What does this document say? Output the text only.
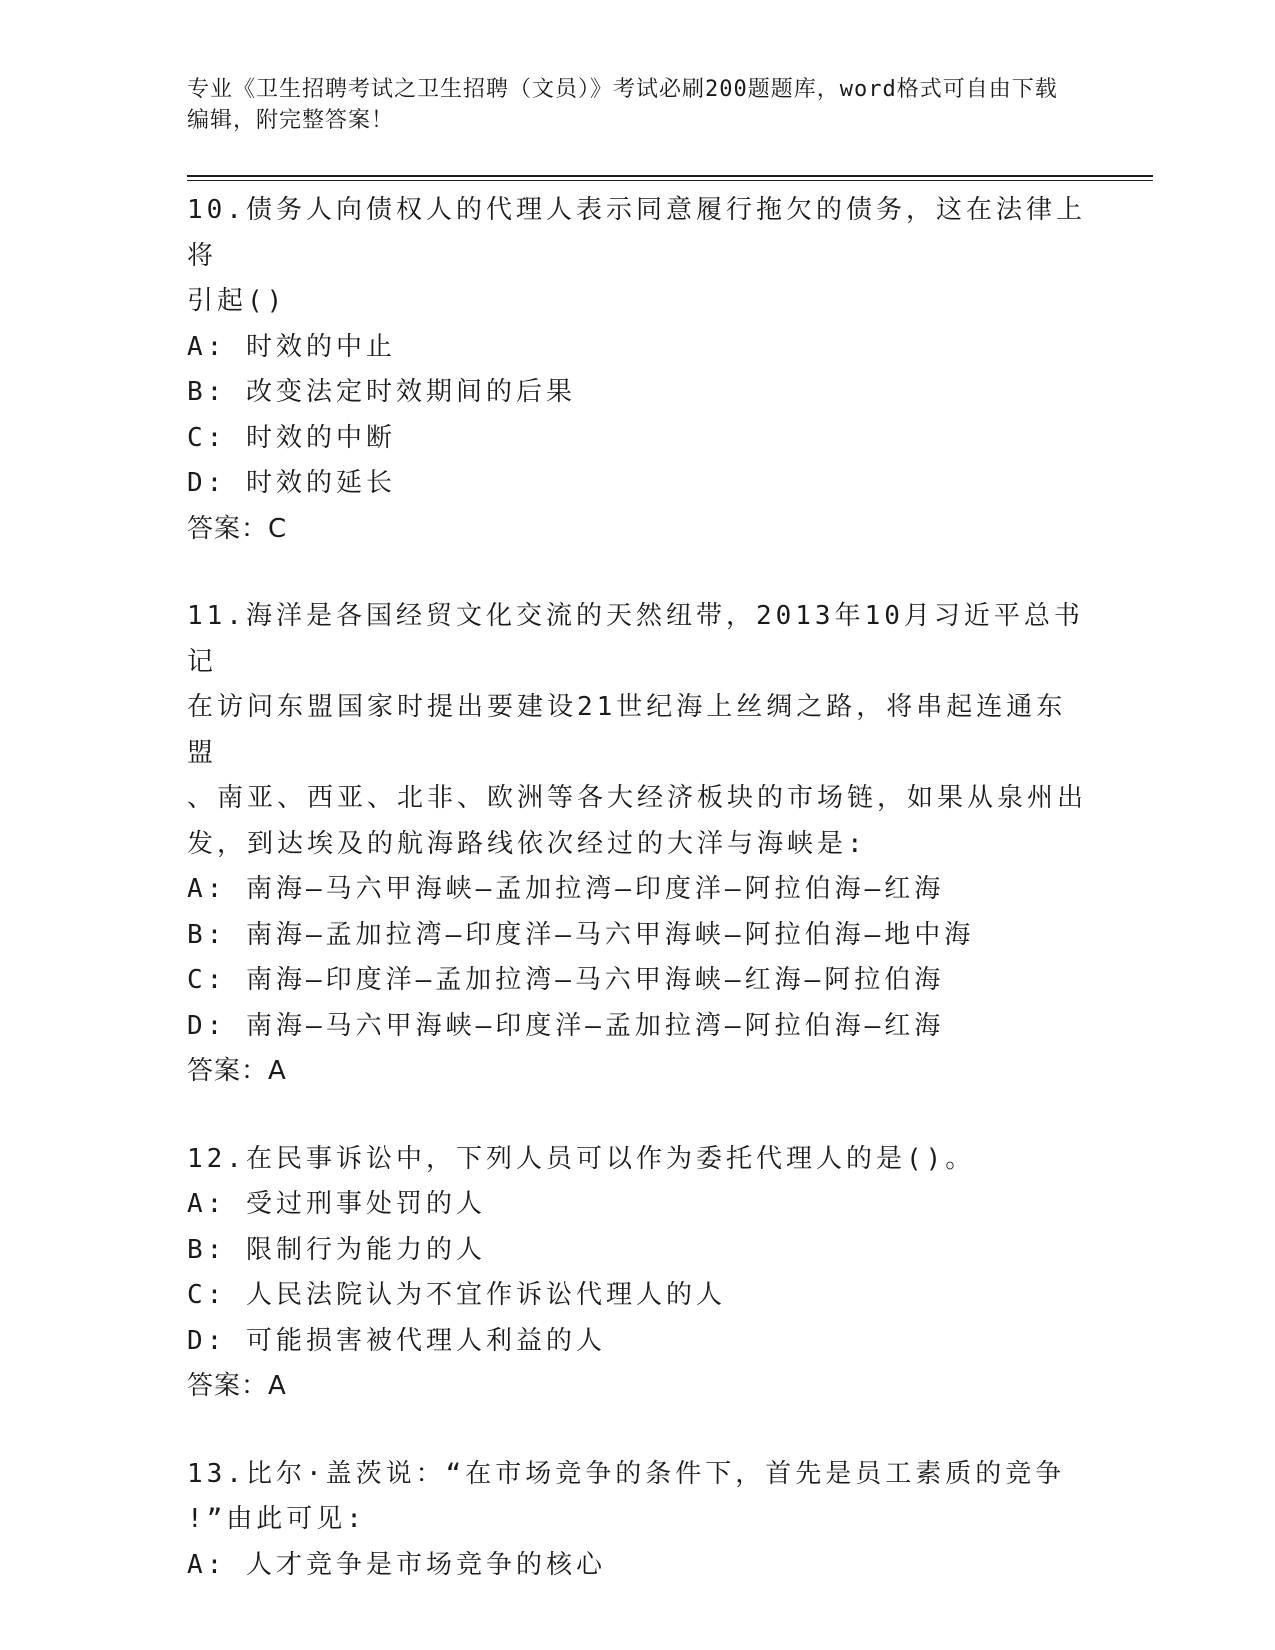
专业《卫生招聘考试之卫生招聘（文员）》考试必刷200题题库，word格式可自由下载编辑，附完整答案！
10.债务人向债权人的代理人表示同意履行拖欠的债务，这在法律上将
引起()
A: 时效的中止
B: 改变法定时效期间的后果
C: 时效的中断
D: 时效的延长
答案：C
11.海洋是各国经贸文化交流的天然纽带，2013年10月习近平总书记
在访问东盟国家时提出要建设21世纪海上丝绸之路，将串起连通东盟
、南亚、西亚、北非、欧洲等各大经济板块的市场链，如果从泉州出
发，到达埃及的航海路线依次经过的大洋与海峡是:
A: 南海—马六甲海峡—孟加拉湾—印度洋—阿拉伯海—红海
B: 南海—孟加拉湾—印度洋—马六甲海峡—阿拉伯海—地中海
C: 南海—印度洋—孟加拉湾—马六甲海峡—红海—阿拉伯海
D: 南海—马六甲海峡—印度洋—孟加拉湾—阿拉伯海—红海
答案：A
12.在民事诉讼中，下列人员可以作为委托代理人的是()。
A: 受过刑事处罚的人
B: 限制行为能力的人
C: 人民法院认为不宜作诉讼代理人的人
D: 可能损害被代理人利益的人
答案：A
13.比尔·盖茨说：“在市场竞争的条件下，首先是员工素质的竞争
!”由此可见:
A: 人才竞争是市场竞争的核心
